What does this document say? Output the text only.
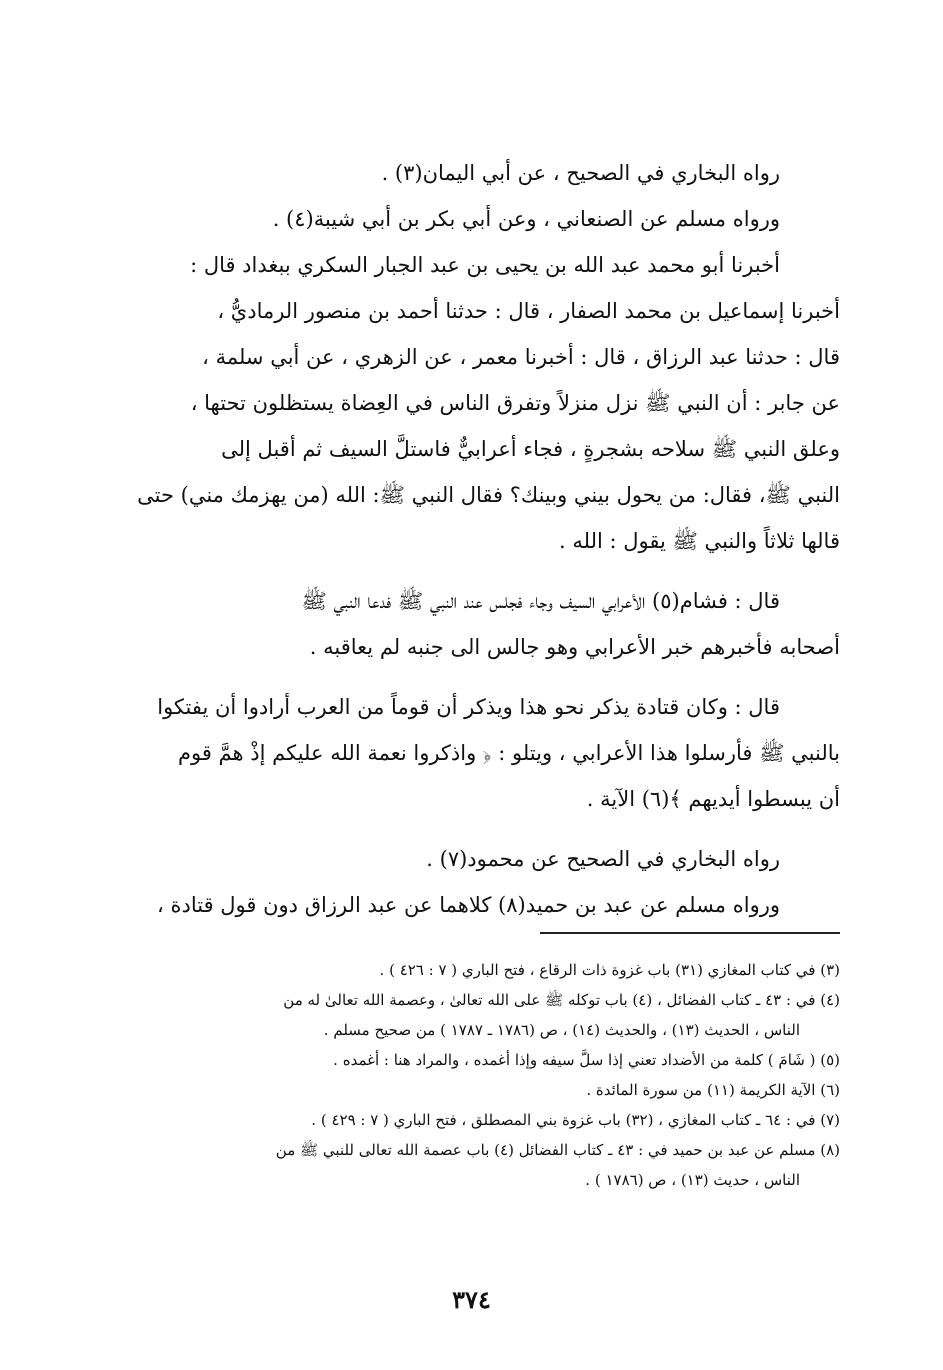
رواه البخاري في الصحيح ، عن أبي اليمان(٣) .
ورواه مسلم عن الصنعاني ، وعن أبي بكر بن أبي شيبة(٤) .
أخبرنا أبو محمد عبد الله بن يحيى بن عبد الجبار السكري ببغداد قال :
أخبرنا إسماعيل بن محمد الصفار ، قال : حدثنا أحمد بن منصور الرماديُّ ،
قال : حدثنا عبد الرزاق ، قال : أخبرنا معمر ، عن الزهري ، عن أبي سلمة ،
عن جابر : أن النبي ﷺ نزل منزلاً وتفرق الناس في العِضاة يستظلون تحتها ،
وعلق النبي ﷺ سلاحه بشجرةٍ ، فجاء أعرابيٌّ فاستلَّ السيف ثم أقبل إلى
النبي ﷺ، فقال: من يحول بيني وبينك؟ فقال النبي ﷺ: الله (من يهزمك مني) حتى
قالها ثلاثاً والنبي ﷺ يقول : الله .
قال : فشام(٥) الأعرابي السيف وجاء فجلس عند النبي ﷺ فدعا النبي ﷺ
أصحابه فأخبرهم خبر الأعرابي وهو جالس الى جنبه لم يعاقبه .
قال : وكان قتادة يذكر نحو هذا ويذكر أن قوماً من العرب أرادوا أن يفتكوا
بالنبي ﷺ فأرسلوا هذا الأعرابي ، ويتلو : ﴿ واذكروا نعمة الله عليكم إذْ همَّ قوم
أن يبسطوا أيديهم ﴾(٦) الآية .
رواه البخاري في الصحيح عن محمود(٧) .
ورواه مسلم عن عبد بن حميد(٨) كلاهما عن عبد الرزاق دون قول قتادة ،
(٣) في كتاب المغازي (٣١) باب غزوة ذات الرقاع ، فتح الباري ( ٧ : ٤٢٦ ) .
(٤) في : ٤٣ ـ كتاب الفضائل ، (٤) باب توكله ﷺ على الله تعالىٰ ، وعصمة الله تعالىٰ له من
الناس ، الحديث (١٣) ، والحديث (١٤) ، ص (١٧٨٦ ـ ١٧٨٧ ) من صحيح مسلم .
(٥) ( شَامَ ) كلمة من الأضداد تعني إذا سلَّ سيفه وإذا أغمده ، والمراد هنا : أغمده .
(٦) الآية الكريمة (١١) من سورة المائدة .
(٧) في : ٦٤ ـ كتاب المغازي ، (٣٢) باب غزوة بني المصطلق ، فتح الباري ( ٧ : ٤٢٩ ) .
(٨) مسلم عن عبد بن حميد في : ٤٣ ـ كتاب الفضائل (٤) باب عصمة الله تعالى للنبي ﷺ من
الناس ، حديث (١٣) ، ص (١٧٨٦ ) .
٣٧٤
